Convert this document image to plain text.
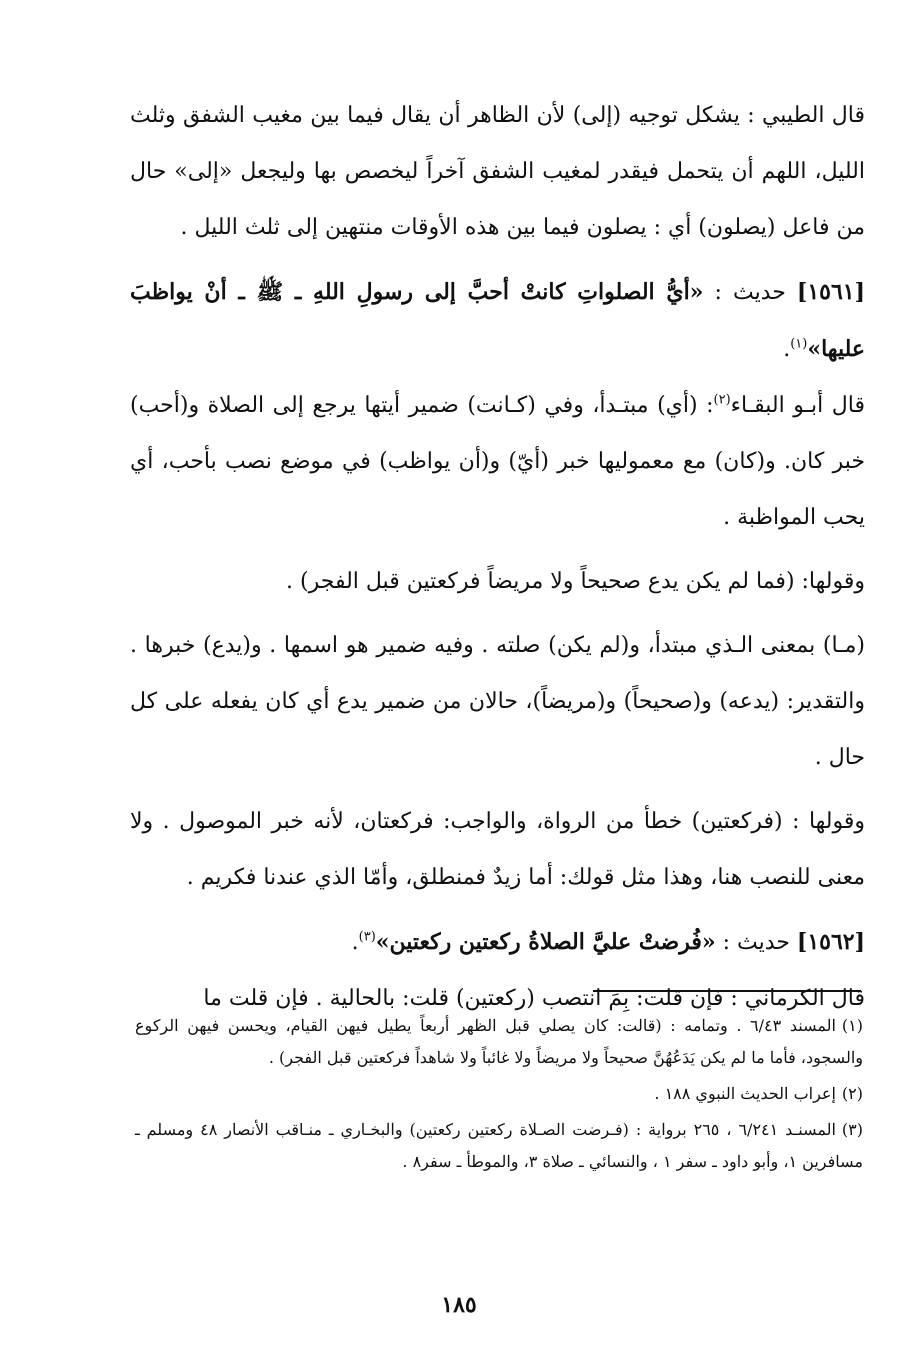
قال الطيبي : يشكل توجيه (إلى) لأن الظاهر أن يقال فيما بين مغيب الشفق وثلث الليل، اللهم أن يتحمل فيقدر لمغيب الشفق آخراً ليخصص بها وليجعل «إلى» حال من فاعل (يصلون) أي : يصلون فيما بين هذه الأوقات منتهين إلى ثلث الليل .

[١٥٦١] حديث : «أيُّ الصلواتِ كانتْ أحبَّ إلى رسولِ اللهِ ـ ﷺ ـ أنْ يواظبَ عليها»$^{(١)}$.

قال أبـو البقـاء$^{(٢)}$: (أي) مبتـدأ، وفي (كـانت) ضمير أيتها يرجع إلى الصلاة و(أحب) خبر كان. و(كان) مع معموليها خبر (أيّ) و(أن يواظب) في موضع نصب بأحب، أي يحب المواظبة .

وقولها: (فما لم يكن يدع صحيحاً ولا مريضاً فركعتين قبل الفجر) .

(مـا) بمعنى الـذي مبتدأ، و(لم يكن) صلته . وفيه ضمير هو اسمها . و(يدع) خبرها . والتقدير: (يدعه) و(صحيحاً) و(مريضاً)، حالان من ضمير يدع أي كان يفعله على كل حال .

وقولها : (فركعتين) خطأ من الرواة، والواجب: فركعتان، لأنه خبر الموصول . ولا معنى للنصب هنا، وهذا مثل قولك: أما زيدٌ فمنطلق، وأمّا الذي عندنا فكريم .

[١٥٦٢] حديث : «فُرضتْ عليَّ الصلاةُ ركعتين ركعتين»$^{(٣)}$.

قال الكرماني : فإن قلت: بِمَ انتصب (ركعتين) قلت: بالحالية . فإن قلت ما

(١)المسند ٦/٤٣ . وتمامه : (قالت: كان يصلي قبل الظهر أربعاً يطيل فيهن القيام، ويحسن فيهن الركوع والسجود، فأما ما لم يكن يَدَعُهُنَّ صحيحاً ولا مريضاً ولا غائباً ولا شاهداً فركعتين قبل الفجر) .

(٢)إعراب الحديث النبوي ١٨٨ .

(٣)المسنـد ٦/٢٤١ ، ٢٦٥ برواية : (فـرضت الصـلاة ركعتين ركعتين) والبخـاري ـ منـاقب الأنصار ٤٨ ومسلم ـ مسافرين ١، وأبو داود ـ سفر ١ ، والنسائي ـ صلاة ٣، والموطأ ـ سفر٨ .

١٨٥
